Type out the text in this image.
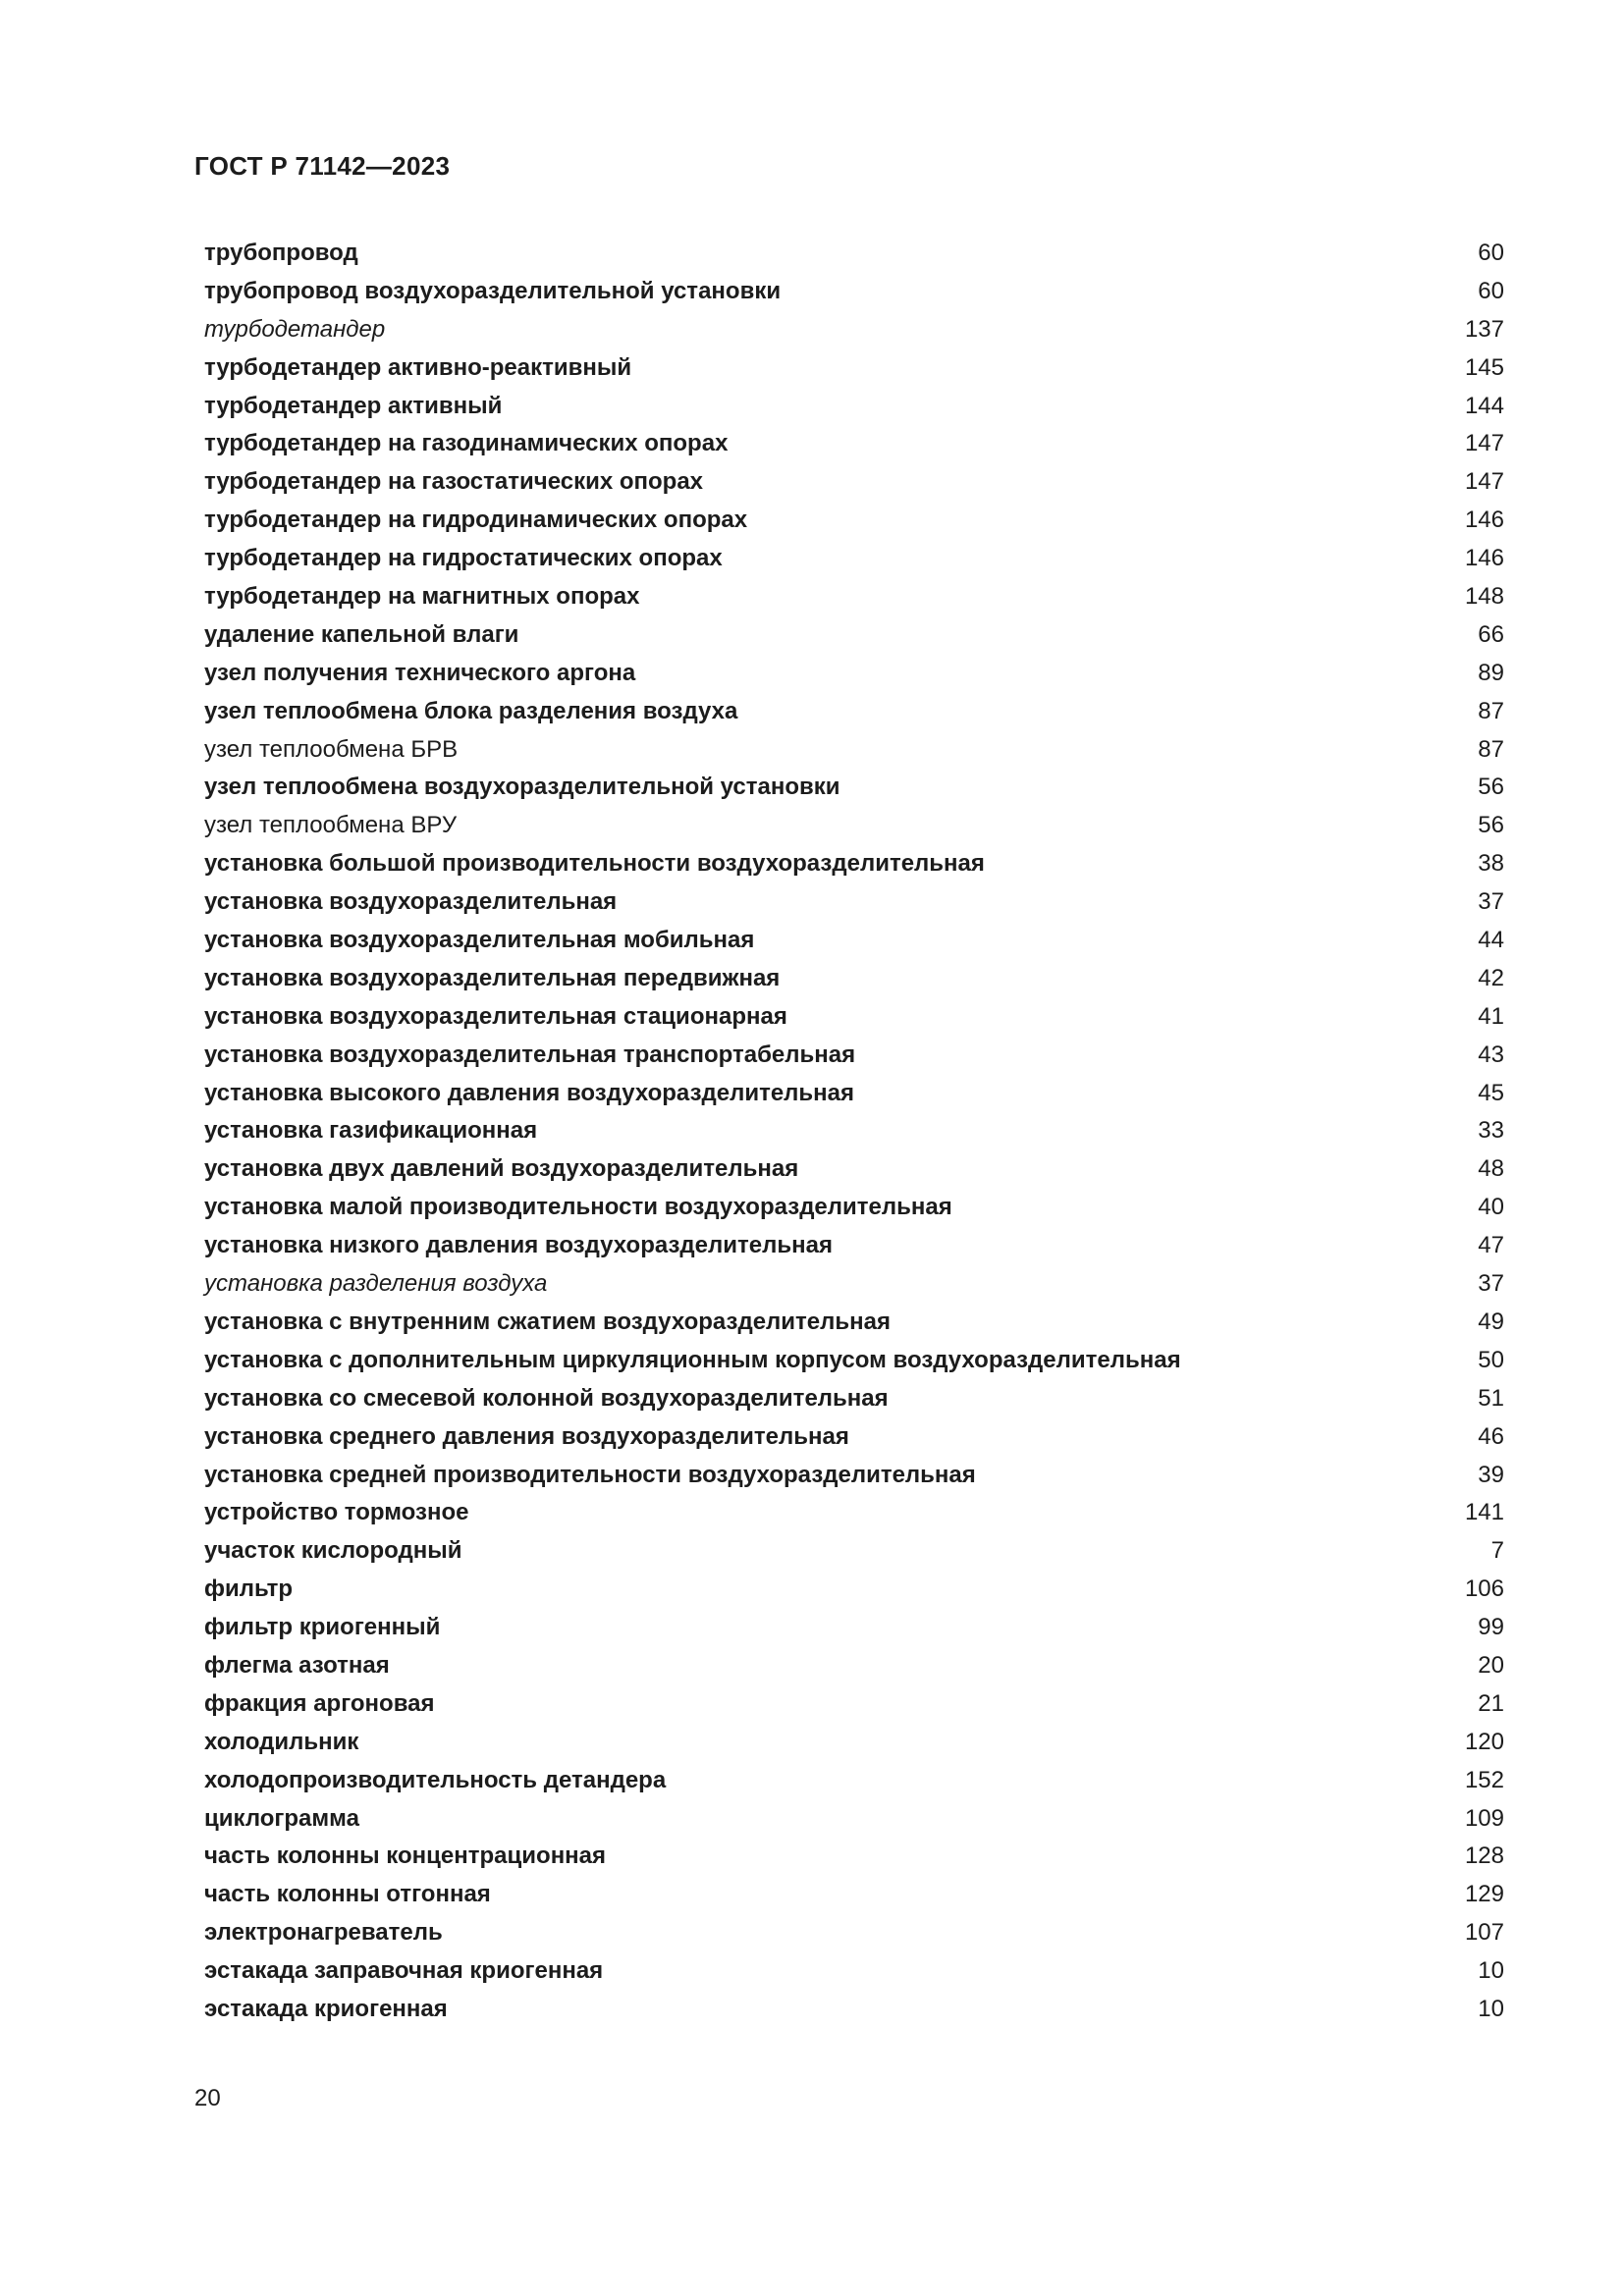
ГОСТ Р 71142—2023
трубопровод	60
трубопровод воздухоразделительной установки	60
турбодетандер	137
турбодетандер активно-реактивный	145
турбодетандер активный	144
турбодетандер на газодинамических опорах	147
турбодетандер на газостатических опорах	147
турбодетандер на гидродинамических опорах	146
турбодетандер на гидростатических опорах	146
турбодетандер на магнитных опорах	148
удаление капельной влаги	66
узел получения технического аргона	89
узел теплообмена блока разделения воздуха	87
узел теплообмена БРВ	87
узел теплообмена воздухоразделительной установки	56
узел теплообмена ВРУ	56
установка большой производительности воздухоразделительная	38
установка воздухоразделительная	37
установка воздухоразделительная мобильная	44
установка воздухоразделительная передвижная	42
установка воздухоразделительная стационарная	41
установка воздухоразделительная транспортабельная	43
установка высокого давления воздухоразделительная	45
установка газификационная	33
установка двух давлений воздухоразделительная	48
установка малой производительности воздухоразделительная	40
установка низкого давления воздухоразделительная	47
установка разделения воздуха	37
установка с внутренним сжатием воздухоразделительная	49
установка с дополнительным циркуляционным корпусом воздухоразделительная	50
установка со смесевой колонной воздухоразделительная	51
установка среднего давления воздухоразделительная	46
установка средней производительности воздухоразделительная	39
устройство тормозное	141
участок кислородный	7
фильтр	106
фильтр криогенный	99
флегма азотная	20
фракция аргоновая	21
холодильник	120
холодопроизводительность детандера	152
циклограмма	109
часть колонны концентрационная	128
часть колонны отгонная	129
электронагреватель	107
эстакада заправочная криогенная	10
эстакада криогенная	10
20
